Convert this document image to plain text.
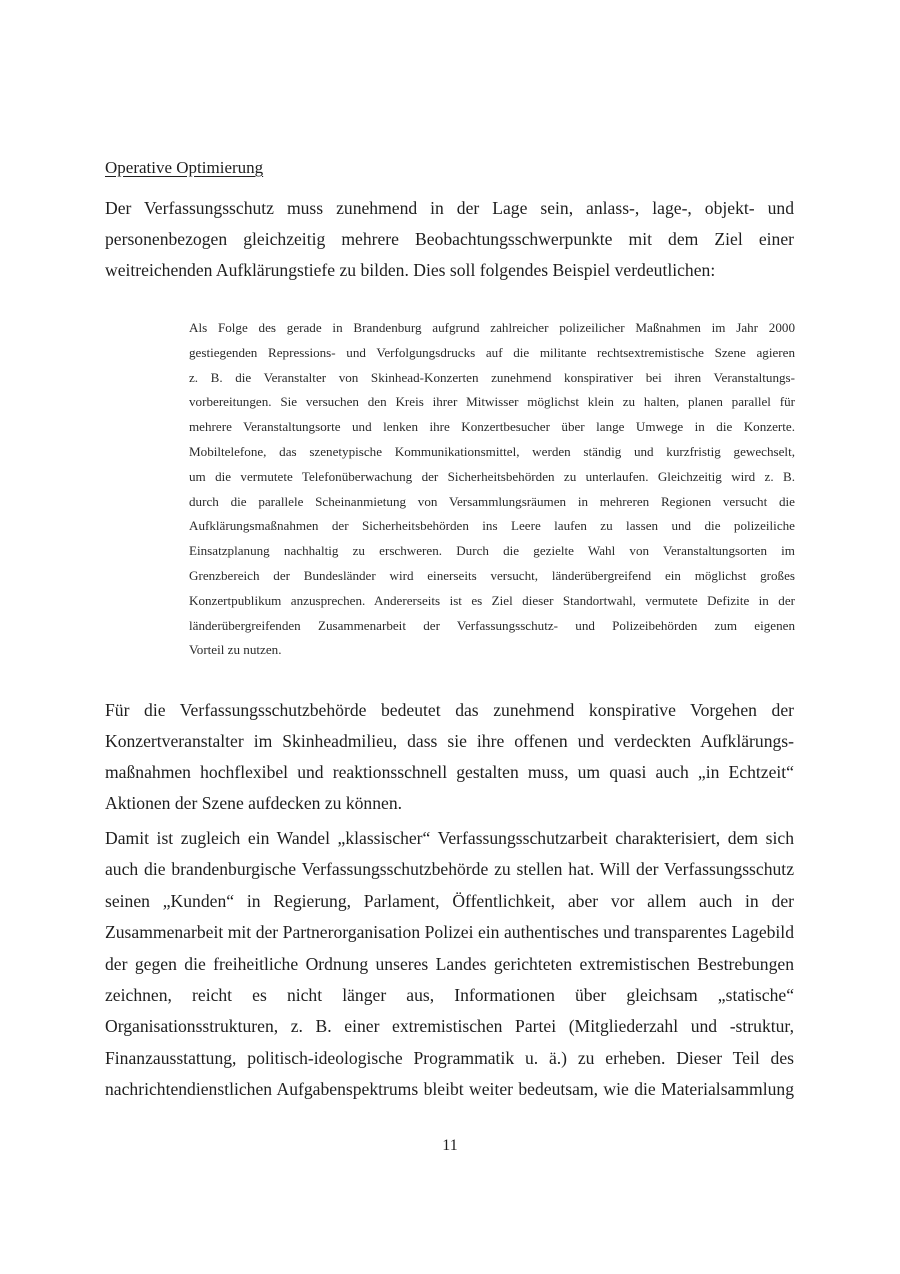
Operative Optimierung
Der Verfassungsschutz muss zunehmend in der Lage sein, anlass-, lage-, objekt- und
personenbezogen gleichzeitig mehrere Beobachtungsschwerpunkte mit dem Ziel einer
weitreichenden Aufklärungstiefe zu bilden. Dies soll folgendes Beispiel verdeutlichen:
Als Folge des gerade in Brandenburg aufgrund zahlreicher polizeilicher Maßnahmen im Jahr 2000
gestiegenden Repressions- und Verfolgungsdrucks auf die militante rechtsextremistische Szene agieren
z. B. die Veranstalter von Skinhead-Konzerten zunehmend konspirativer bei ihren Veranstaltungs-
vorbereitungen. Sie versuchen den Kreis ihrer Mitwisser möglichst klein zu halten, planen parallel für
mehrere Veranstaltungsorte und lenken ihre Konzertbesucher über lange Umwege in die Konzerte.
Mobiltelefone, das szenetypische Kommunikationsmittel, werden ständig und kurzfristig gewechselt,
um die vermutete Telefonüberwachung der Sicherheitsbehörden zu unterlaufen. Gleichzeitig wird z. B.
durch die parallele Scheinanmietung von Versammlungsräumen in mehreren Regionen versucht die
Aufklärungsmaßnahmen der Sicherheitsbehörden ins Leere laufen zu lassen und die polizeiliche
Einsatzplanung nachhaltig zu erschweren. Durch die gezielte Wahl von Veranstaltungsorten im
Grenzbereich der Bundesländer wird einerseits versucht, länderübergreifend ein möglichst großes
Konzertpublikum anzusprechen. Andererseits ist es Ziel dieser Standortwahl, vermutete Defizite in der
länderübergreifenden Zusammenarbeit der Verfassungsschutz- und Polizeibehörden zum eigenen
Vorteil zu nutzen.
Für die Verfassungsschutzbehörde bedeutet das zunehmend konspirative Vorgehen der
Konzertveranstalter im Skinheadmilieu, dass sie ihre offenen und verdeckten Aufklärungs-
maßnahmen hochflexibel und reaktionsschnell gestalten muss, um quasi auch „in Echtzeit“
Aktionen der Szene aufdecken zu können.
Damit ist zugleich ein Wandel „klassischer“ Verfassungsschutzarbeit charakterisiert, dem sich
auch die brandenburgische Verfassungsschutzbehörde zu stellen hat. Will der Verfassungsschutz
seinen „Kunden“ in Regierung, Parlament, Öffentlichkeit, aber vor allem auch in der
Zusammenarbeit mit der Partnerorganisation Polizei ein authentisches und transparentes Lagebild
der gegen die freiheitliche Ordnung unseres Landes gerichteten extremistischen Bestrebungen
zeichnen, reicht es nicht länger aus, Informationen über gleichsam „statische“
Organisationsstrukturen, z. B. einer extremistischen Partei (Mitgliederzahl und -struktur,
Finanzausstattung, politisch-ideologische Programmatik u. ä.) zu erheben. Dieser Teil des
nachrichtendienstlichen Aufgabenspektrums bleibt weiter bedeutsam, wie die Materialsammlung
11
